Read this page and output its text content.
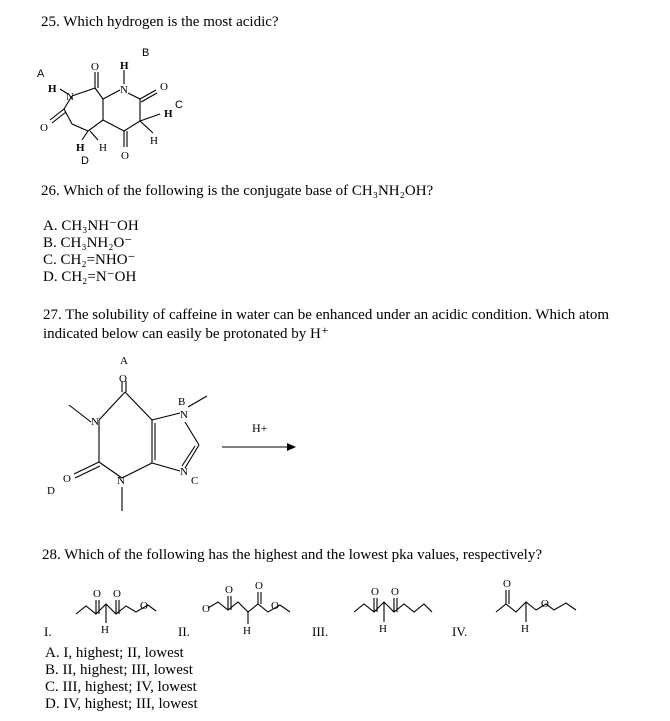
25. Which hydrogen is the most acidic?
A
H
N
O
B
H
N	O
C
H
O
H
D
H
O
H
26. Which of the following is the conjugate base of CH₃NH₂OH?
A. CH₃NH⁻OH
B. CH₃NH₂O⁻
C. CH₂=NHO⁻
D. CH₂=N⁻OH
27. The solubility of caffeine in water can be enhanced under an acidic condition. Which atom indicated below can easily be protonated by H⁺
A
O
B
N
N
N
C
N
O
D
H+
28. Which of the following has the highest and the lowest pka values, respectively?
O O
O
H
O
O O
O
H
O O
H
O
O
H
I.	II.	III.	IV.
A. I, highest; II, lowest
B. II, highest; III, lowest
C. III, highest; IV, lowest
D. IV, highest; III, lowest
